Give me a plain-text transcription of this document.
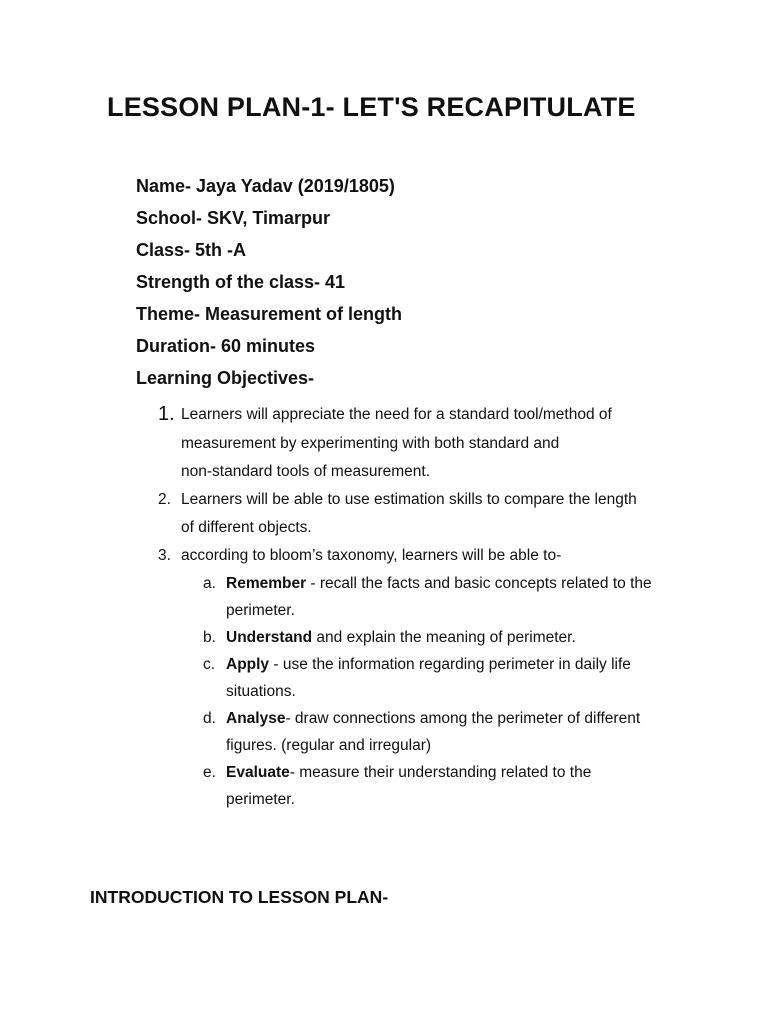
LESSON PLAN-1- LET'S RECAPITULATE
Name- Jaya Yadav (2019/1805)
School- SKV, Timarpur
Class- 5th -A
Strength of the class- 41
Theme- Measurement of length
Duration- 60 minutes
Learning Objectives-
1. Learners will appreciate the need for a standard tool/method of
measurement by experimenting with both standard and
non-standard tools of measurement.
2. Learners will be able to use estimation skills to compare the length
of different objects.
3. according to bloom’s taxonomy, learners will be able to-
a. Remember - recall the facts and basic concepts related to the
perimeter.
b. Understand and explain the meaning of perimeter.
c. Apply - use the information regarding perimeter in daily life
situations.
d. Analyse- draw connections among the perimeter of different
figures. (regular and irregular)
e. Evaluate- measure their understanding related to the
perimeter.
INTRODUCTION TO LESSON PLAN-
